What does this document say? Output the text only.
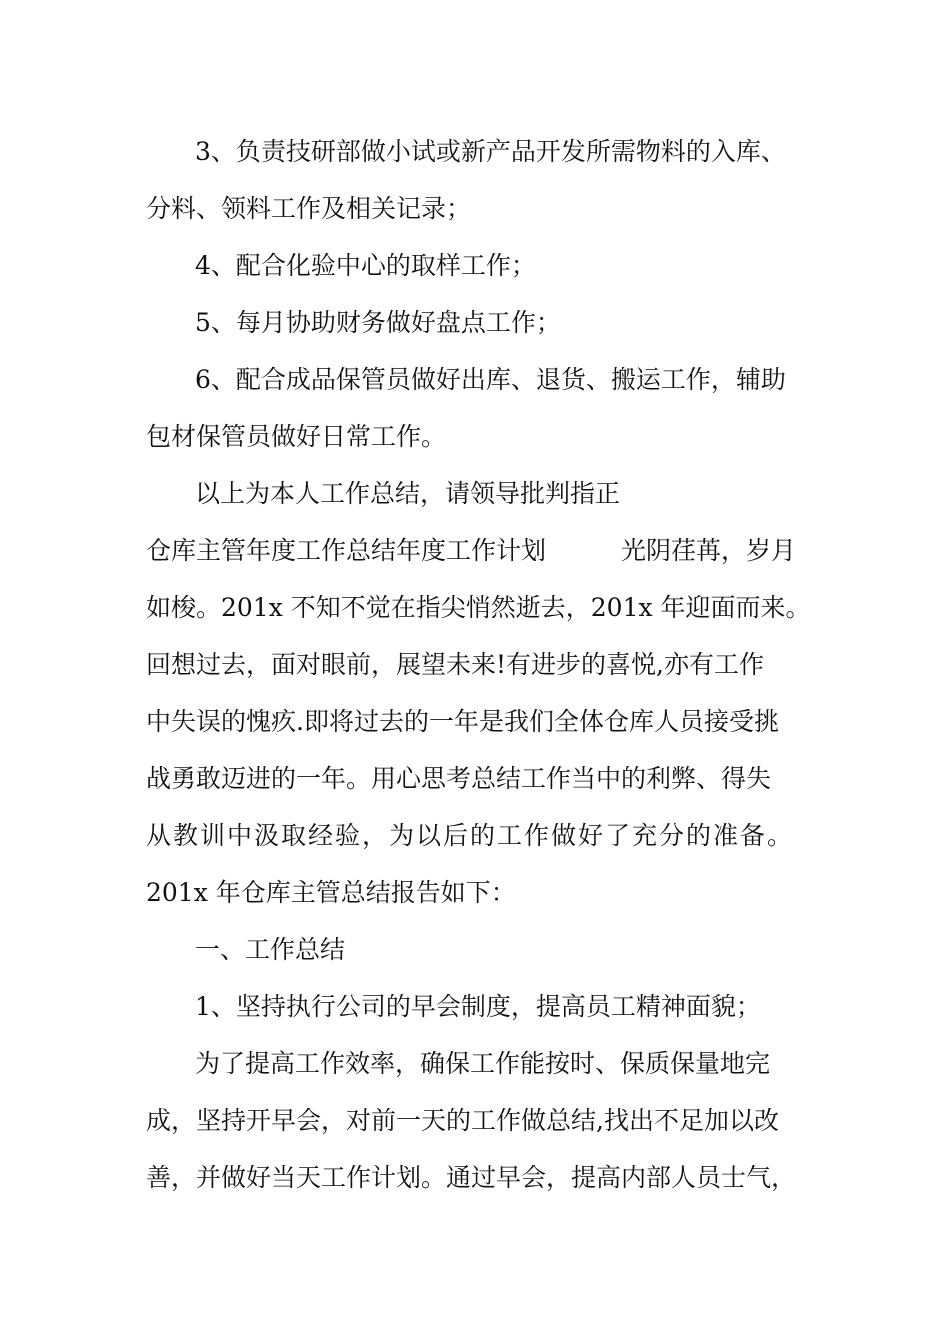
3、负责技研部做小试或新产品开发所需物料的入库、
分料、领料工作及相关记录；
4、配合化验中心的取样工作；
5、每月协助财务做好盘点工作；
6、配合成品保管员做好出库、退货、搬运工作，辅助
包材保管员做好日常工作。
以上为本人工作总结，请领导批判指正
仓库主管年度工作总结年度工作计划	光阴荏苒，岁月
如梭。201x 不知不觉在指尖悄然逝去，201x 年迎面而来。
回想过去，面对眼前，展望未来!有进步的喜悦,亦有工作
中失误的愧疚.即将过去的一年是我们全体仓库人员接受挑
战勇敢迈进的一年。用心思考总结工作当中的利弊、得失
从教训中汲取经验，为以后的工作做好了充分的准备。
201x 年仓库主管总结报告如下：
一、工作总结
1、坚持执行公司的早会制度，提高员工精神面貌；
为了提高工作效率，确保工作能按时、保质保量地完
成，坚持开早会，对前一天的工作做总结,找出不足加以改
善，并做好当天工作计划。通过早会，提高内部人员士气，
